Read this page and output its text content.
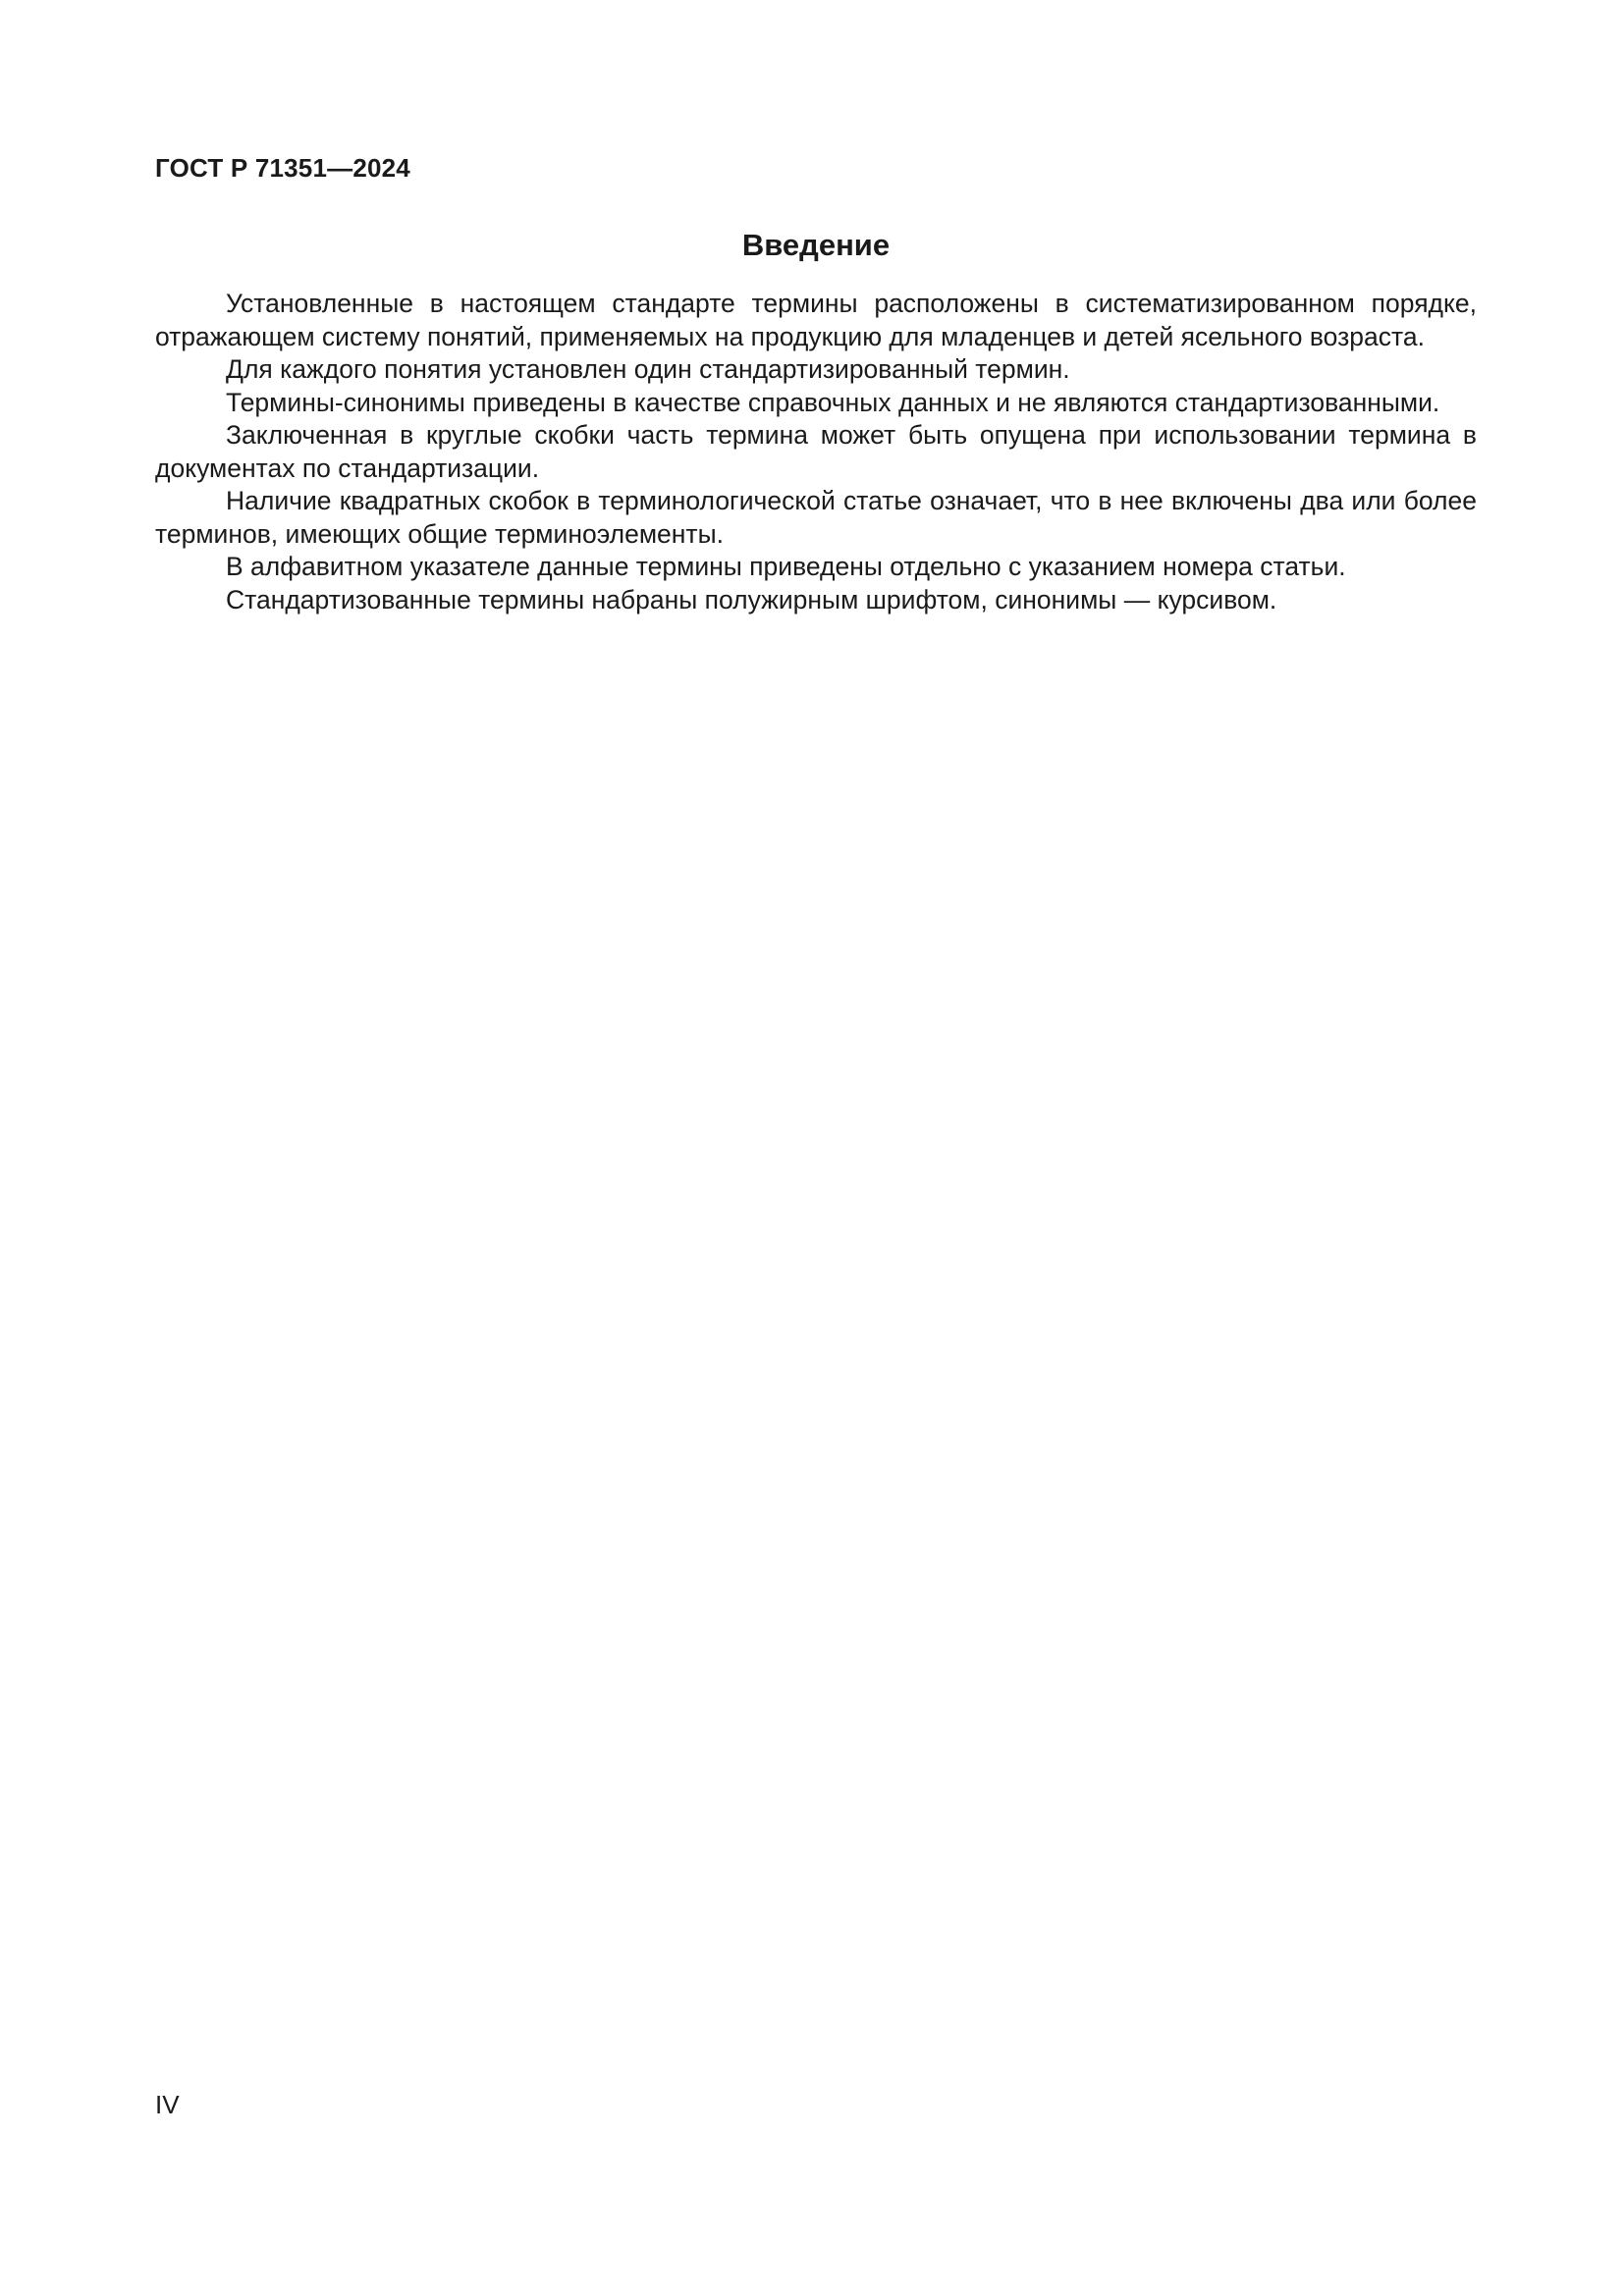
ГОСТ Р 71351—2024
Введение

Установленные в настоящем стандарте термины расположены в систематизированном порядке, отражающем систему понятий, применяемых на продукцию для младенцев и детей ясельного возраста.

Для каждого понятия установлен один стандартизированный термин.

Термины-синонимы приведены в качестве справочных данных и не являются стандартизованными.

Заключенная в круглые скобки часть термина может быть опущена при использовании термина в документах по стандартизации.

Наличие квадратных скобок в терминологической статье означает, что в нее включены два или более терминов, имеющих общие терминоэлементы.

В алфавитном указателе данные термины приведены отдельно с указанием номера статьи.

Стандартизованные термины набраны полужирным шрифтом, синонимы — курсивом.

IV
